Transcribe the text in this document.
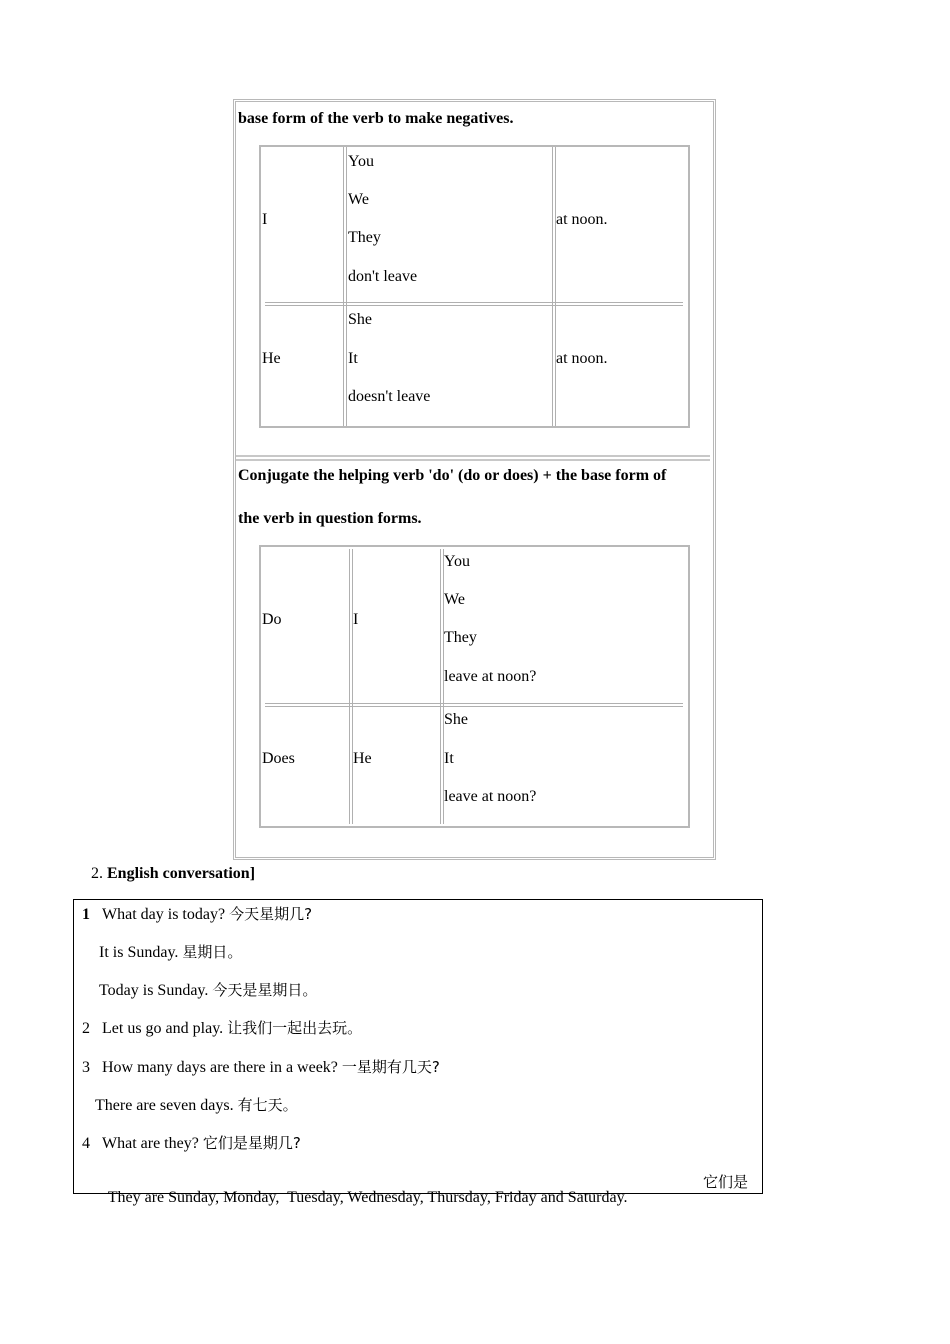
base form of the verb to make negatives.
I
You
We
They
don't leave
at noon.
He
She
It
doesn't leave
at noon.
Conjugate the helping verb 'do' (do or does) + the base form of
the verb in question forms.
Do	I
You
We
They
leave at noon?
Does	He
She
It
leave at noon?
2. English conversation]
1 What day is today? 今天星期几?
It is Sunday. 星期日。
Today is Sunday. 今天是星期日。
2 Let us go and play. 让我们一起出去玩。
3 How many days are there in a week? 一星期有几天?
There are seven days. 有七天。
4 What are they? 它们是星期几?

They are Sunday, Monday,  Tuesday, Wednesday, Thursday, Friday and Saturday.

它们是
